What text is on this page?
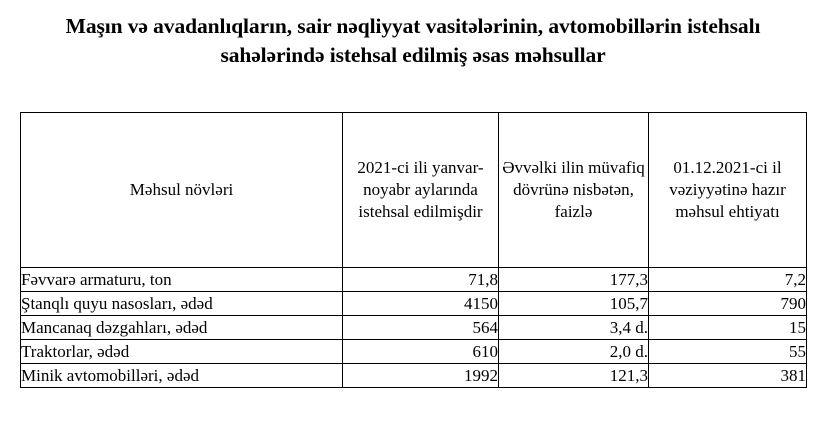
Maşın və avadanlıqların, sair nəqliyyat vasitələrinin, avtomobillərin istehsalı sahələrində istehsal edilmiş əsas məhsullar
Məhsul növləri	2021-ci ili yanvar-noyabr aylarında istehsal edilmişdir	Əvvəlki ilin müvafiq dövrünə nisbətən, faizlə	01.12.2021-ci il vəziyyətinə hazır məhsul ehtiyatı
Fəvvarə armaturu, ton	71,8	177,3	7,2
Ştanqlı quyu nasosları, ədəd	4150	105,7	790
Mancanaq dəzgahları, ədəd	564	3,4 d.	15
Traktorlar, ədəd	610	2,0 d.	55
Minik avtomobilləri, ədəd	1992	121,3	381
